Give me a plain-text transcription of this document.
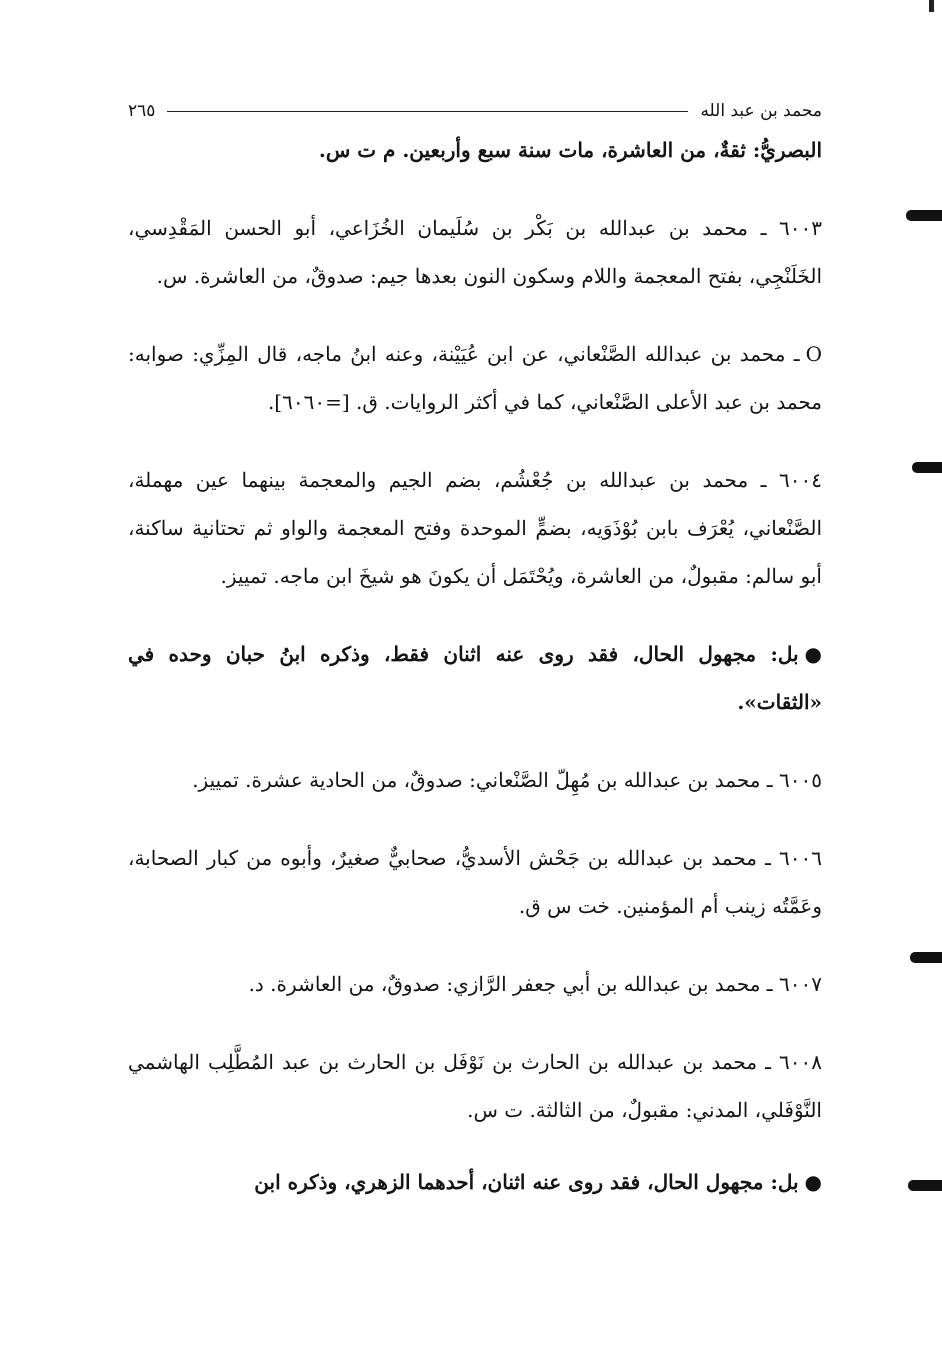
محمد بن عبد الله
٢٦٥

البصريُّ: ثقةٌ، من العاشرة، مات سنة سبع وأربعين. م ت س.

٦٠٠٣ ـ محمد بن عبدالله بن بَكْر بن سُلَيمان الخُزَاعي، أبو الحسن المَقْدِسي، الخَلَنْجِي، بفتح المعجمة واللام وسكون النون بعدها جيم: صدوقٌ، من العاشرة. س.

Oـ محمد بن عبدالله الصَّنْعاني، عن ابن عُيَيْنة، وعنه ابنُ ماجه، قال المِزِّي: صوابه: محمد بن عبد الأعلى الصَّنْعاني، كما في أكثر الروايات. ق. [=٦٠٦٠].

٦٠٠٤ ـ محمد بن عبدالله بن جُعْشُم، بضم الجيم والمعجمة بينهما عين مهملة، الصَّنْعاني، يُعْرَف بابن بُوْذَوَيه، بضمٍّ الموحدة وفتح المعجمة والواو ثم تحتانية ساكنة، أبو سالم: مقبولٌ، من العاشرة، ويُحْتَمَل أن يكونَ هو شيخَ ابن ماجه. تمييز.

●بل: مجهول الحال، فقد روى عنه اثنان فقط، وذكره ابنُ حبان وحده في «الثقات».

٦٠٠٥ ـ محمد بن عبدالله بن مُهِلّ الصَّنْعاني: صدوقٌ، من الحادية عشرة. تمييز.

٦٠٠٦ ـ محمد بن عبدالله بن جَحْش الأسديُّ، صحابيٌّ صغيرٌ، وأبوه من كبار الصحابة، وعَمَّتُه زينب أم المؤمنين. خت س ق.

٦٠٠٧ ـ محمد بن عبدالله بن أبي جعفر الرَّازي: صدوقٌ، من العاشرة. د.

٦٠٠٨ ـ محمد بن عبدالله بن الحارث بن نَوْفَل بن الحارث بن عبد المُطَّلِب الهاشمي النَّوْفَلي، المدني: مقبولٌ، من الثالثة. ت س.

●بل: مجهول الحال، فقد روى عنه اثنان، أحدهما الزهري، وذكره ابن
